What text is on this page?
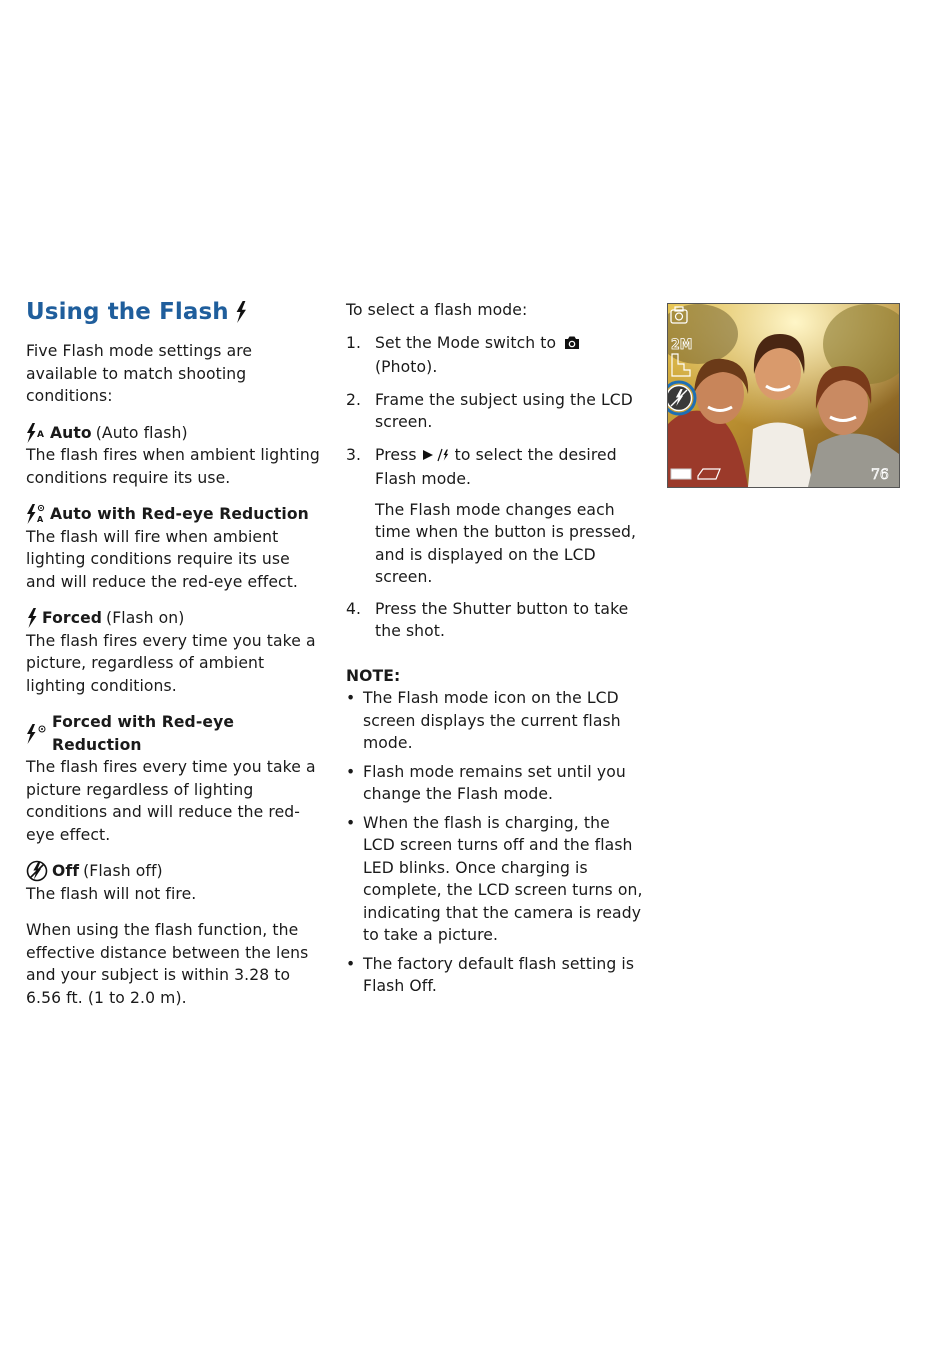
Using the Flash

Five Flash mode settings are available to match shooting conditions:

A Auto (Auto flash)

The flash fires when ambient lighting conditions require its use.

A Auto with Red-eye Reduction

The flash will fire when ambient lighting conditions require its use and will reduce the red-eye effect.

Forced (Flash on)

The flash fires every time you take a picture, regardless of ambient lighting conditions.

Forced with Red-eye Reduction

The flash fires every time you take a picture regardless of lighting conditions and will reduce the red-eye effect.

Off (Flash off)

The flash will not fire.

When using the flash function, the effective distance between the lens and your subject is within 3.28 to 6.56 ft. (1 to 2.0 m).

To select a flash mode:

1. Set the Mode switch to
(Photo).
2. Frame the subject using the LCD screen.
3. Press to select the desired Flash mode.

The Flash mode changes each time when the button is pressed, and is displayed on the LCD screen.

4. Press the Shutter button to take the shot.
NOTE:
• The Flash mode icon on the LCD screen displays the current flash mode.
• Flash mode remains set until you change the Flash mode.
• When the flash is charging, the LCD screen turns off and the flash LED blinks. Once charging is complete, the LCD screen turns on, indicating that the camera is ready to take a picture.
• The factory default flash setting is Flash Off.
2M
76
